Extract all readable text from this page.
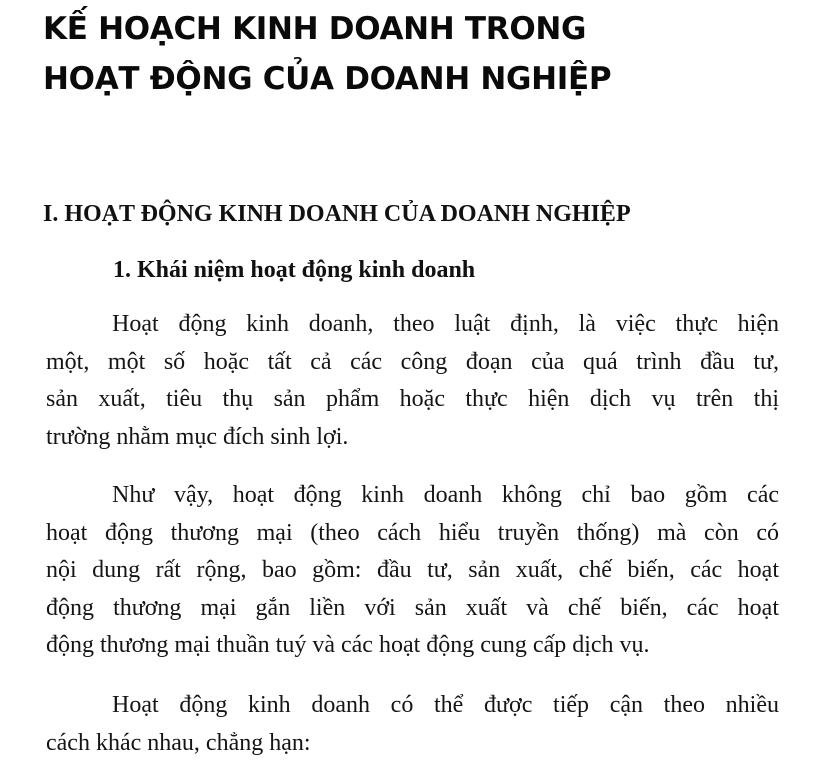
KẾ HOẠCH KINH DOANH TRONG
HOẠT ĐỘNG CỦA DOANH NGHIỆP
I. HOẠT ĐỘNG KINH DOANH CỦA DOANH NGHIỆP
1. Khái niệm hoạt động kinh doanh

Hoạt động kinh doanh, theo luật định, là việc thực hiện
một, một số hoặc tất cả các công đoạn của quá trình đầu tư,
sản xuất, tiêu thụ sản phẩm hoặc thực hiện dịch vụ trên thị
trường nhằm mục đích sinh lợi.

Như vậy, hoạt động kinh doanh không chỉ bao gồm các
hoạt động thương mại (theo cách hiểu truyền thống) mà còn có
nội dung rất rộng, bao gồm: đầu tư, sản xuất, chế biến, các hoạt
động thương mại gắn liền với sản xuất và chế biến, các hoạt
động thương mại thuần tuý và các hoạt động cung cấp dịch vụ.

Hoạt động kinh doanh có thể được tiếp cận theo nhiều
cách khác nhau, chẳng hạn:
